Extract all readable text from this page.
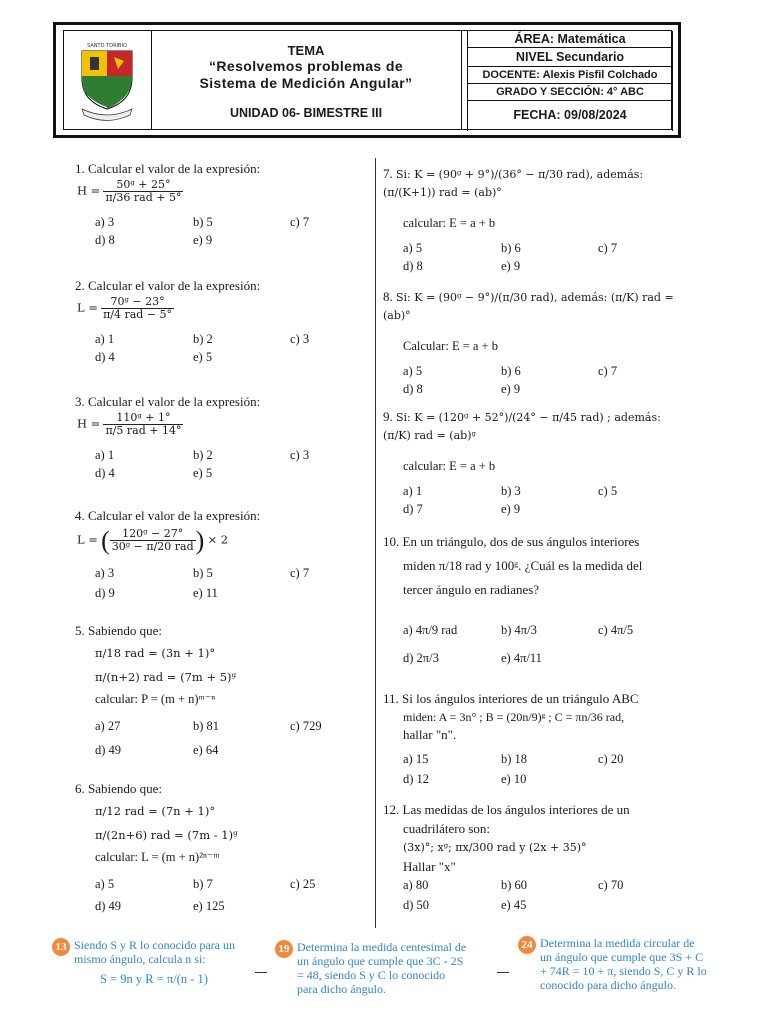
SANTO TORIBIO	TEMA
“Resolvemos problemas de
Sistema de Medición Angular”
UNIDAD 06- BIMESTRE III
ÁREA: Matemática
NIVEL Secundario
DOCENTE: Alexis Pisfil Colchado
GRADO Y SECCIÓN: 4° ABC
FECHA: 09/08/2024
1. Calcular el valor de la expresión:
$H = \frac{\text{50ᵍ + 25°}}{\text{π/36 rad + 5°}}$
a) 3	b) 5	c) 7
d) 8	e) 9
2. Calcular el valor de la expresión:
$L = \frac{\text{70ᵍ − 23°}}{\text{π/4 rad − 5°}}$
a) 1	b) 2	c) 3
d) 4	e) 5
3. Calcular el valor de la expresión:
$H = \frac{\text{110ᵍ + 1°}}{\text{π/5 rad + 14°}}$
a) 1	b) 2	c) 3
d) 4	e) 5
4. Calcular el valor de la expresión:
L = ( $\frac{\text{120ᵍ − 27°}}{\text{30ᵍ − π/20 rad}}$ ) × 2
a) 3	b) 5	c) 7
d) 9	e) 11
5. Sabiendo que:
π/18 rad = (3n + 1)°
π/(n+2) rad = (7m + 5)ᵍ
calcular: P = (m + n)ᵐ⁻ⁿ
a) 27	b) 81	c) 729
d) 49	e) 64
6. Sabiendo que:
π/12 rad = (7n + 1)°
π/(2n+6) rad = (7m - 1)ᵍ
calcular: L = (m + n)²ⁿ⁻ᵐ
a) 5	b) 7	c) 25
d) 49	e) 125
7. Si: K = (90ᵍ + 9°)/(36° − π/30 rad), además: (π/(K+1)) rad = (ab)°
calcular: E = a + b
a) 5	b) 6	c) 7
d) 8	e) 9
8. Si: K = (90ᵍ − 9°)/(π/30 rad), además: (π/K) rad = (ab)°
Calcular: E = a + b
a) 5	b) 6	c) 7
d) 8	e) 9
9. Si: K = (120ᵍ + 52°)/(24° − π/45 rad) ; además: (π/K) rad = (ab)ᵍ
calcular: E = a + b
a) 1	b) 3	c) 5
d) 7	e) 9
10. En un triángulo, dos de sus ángulos interiores
miden π/18 rad y 100ᵍ. ¿Cuál es la medida del
tercer ángulo en radianes?
a) 4π/9 rad	b) 4π/3	c) 4π/5
d) 2π/3	e) 4π/11
11. Si los ángulos interiores de un triángulo ABC
miden: A = 3n° ; B = (20n/9)ᵍ ; C = πn/36 rad,
hallar "n".
a) 15	b) 18	c) 20
d) 12	e) 10
12. Las medidas de los ángulos interiores de un
cuadrilátero son:
(3x)°; xᵍ; πx/300 rad y (2x + 35)°
Hallar "x"
a) 80	b) 60	c) 70
d) 50	e) 45
13 Siendo S y R lo conocido para un mismo ángulo, calcula n si:
S = 9n y R = π/(n - 1)
19 Determina la medida centesimal de un ángulo que cumple que 3C - 2S = 48, siendo S y C lo conocido para dicho ángulo.
24 Determina la medida circular de un ángulo que cumple que 3S + C + 74R = 10 + π, siendo S, C y R lo conocido para dicho ángulo.
